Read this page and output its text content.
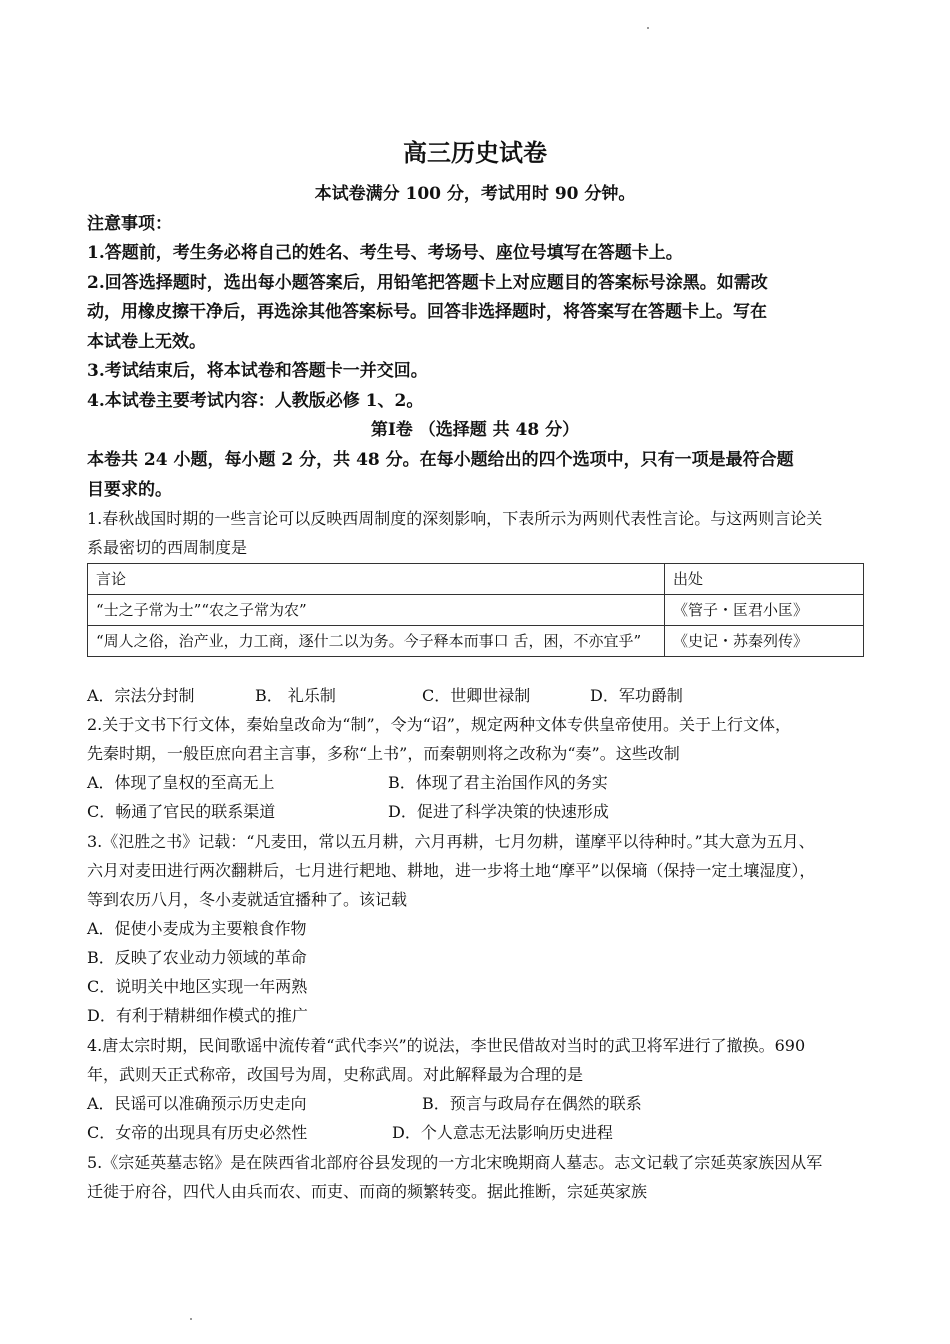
高三历史试卷
本试卷满分 100 分，考试用时 90 分钟。
注意事项：
1.答题前，考生务必将自己的姓名、考生号、考场号、座位号填写在答题卡上。
2.回答选择题时，选出每小题答案后，用铅笔把答题卡上对应题目的答案标号涂黑。如需改
动，用橡皮擦干净后，再选涂其他答案标号。回答非选择题时，将答案写在答题卡上。写在
本试卷上无效。
3.考试结束后，将本试卷和答题卡一并交回。
4.本试卷主要考试内容：人教版必修 1、2。
第Ⅰ卷 （选择题 共 48 分）
本卷共 24 小题，每小题 2 分，共 48 分。在每小题给出的四个选项中，只有一项是最符合题
目要求的。
1.春秋战国时期的一些言论可以反映西周制度的深刻影响，下表所示为两则代表性言论。与这两则言论关
系最密切的西周制度是
言论	出处
“士之子常为士”“农之子常为农”	《管子・匡君小匡》
“周人之俗，治产业，力工商，逐什二以为务。今子释本而事口 舌，困，不亦宜乎”	《史记・苏秦列传》
A．宗法分封制	B． 礼乐制	C．世卿世禄制	D．军功爵制
2.关于文书下行文体，秦始皇改命为“制”，令为“诏”，规定两种文体专供皇帝使用。关于上行文体，
先秦时期，一般臣庶向君主言事，多称“上书”，而秦朝则将之改称为“奏”。这些改制
A．体现了皇权的至高无上	B．体现了君主治国作风的务实
C．畅通了官民的联系渠道	D．促进了科学决策的快速形成
3.《氾胜之书》记载：“凡麦田，常以五月耕，六月再耕，七月勿耕，谨摩平以待种时。”其大意为五月、
六月对麦田进行两次翻耕后，七月进行耙地、耕地，进一步将土地“摩平”以保墒（保持一定土壤湿度），
等到农历八月，冬小麦就适宜播种了。该记载
A．促使小麦成为主要粮食作物
B．反映了农业动力领域的革命
C．说明关中地区实现一年两熟
D．有利于精耕细作模式的推广
4.唐太宗时期，民间歌谣中流传着“武代李兴”的说法，李世民借故对当时的武卫将军进行了撤换。690
年，武则天正式称帝，改国号为周，史称武周。对此解释最为合理的是
A．民谣可以准确预示历史走向	B．预言与政局存在偶然的联系
C．女帝的出现具有历史必然性	D．个人意志无法影响历史进程
5.《宗延英墓志铭》是在陕西省北部府谷县发现的一方北宋晚期商人墓志。志文记载了宗延英家族因从军
迁徙于府谷，四代人由兵而农、而吏、而商的频繁转变。据此推断，宗延英家族
